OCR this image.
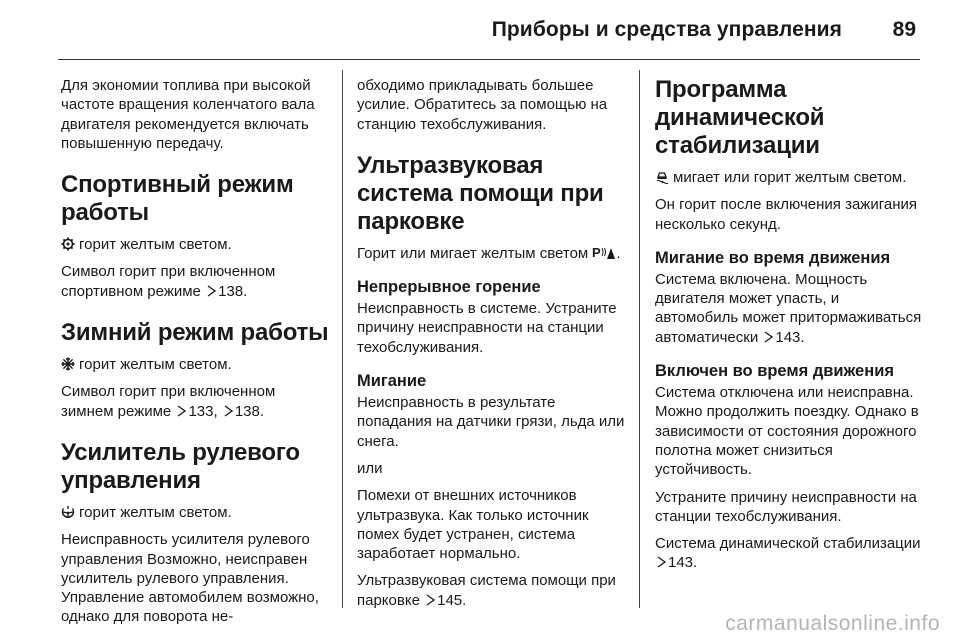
Приборы и средства управления 89

Для экономии топлива при высокой частоте вращения коленчатого вала двигателя рекомендуется включать повышенную передачу.

Спортивный режим работы

горит желтым светом.

Символ горит при включенном спортивном режиме 138.

Зимний режим работы

горит желтым светом.

Символ горит при включенном зимнем режиме 133, 138.

Усилитель рулевого управления

горит желтым светом.

Неисправность усилителя рулевого управления Возможно, неисправен усилитель рулевого управления. Управление автомобилем возможно, однако для поворота не-

обходимо прикладывать большее усилие. Обратитесь за помощью на станцию техобслуживания.

Ультразвуковая система помощи при парковке

Горит или мигает желтым светом P .

Непрерывное горение

Неисправность в системе. Устраните причину неисправности на станции техобслуживания.

Мигание

Неисправность в результате попадания на датчики грязи, льда или снега.

или

Помехи от внешних источников ультразвука. Как только источник помех будет устранен, система заработает нормально.

Ультразвуковая система помощи при парковке 145.

Программа динамической стабилизации

мигает или горит желтым светом.

Он горит после включения зажигания несколько секунд.

Мигание во время движения

Система включена. Мощность двигателя может упасть, и автомобиль может притормаживаться автоматически 143.

Включен во время движения

Система отключена или неисправна. Можно продолжить поездку. Однако в зависимости от состояния дорожного полотна может снизиться устойчивость.

Устраните причину неисправности на станции техобслуживания.

Система динамической стабилизации 143.

carmanualsonline.info
